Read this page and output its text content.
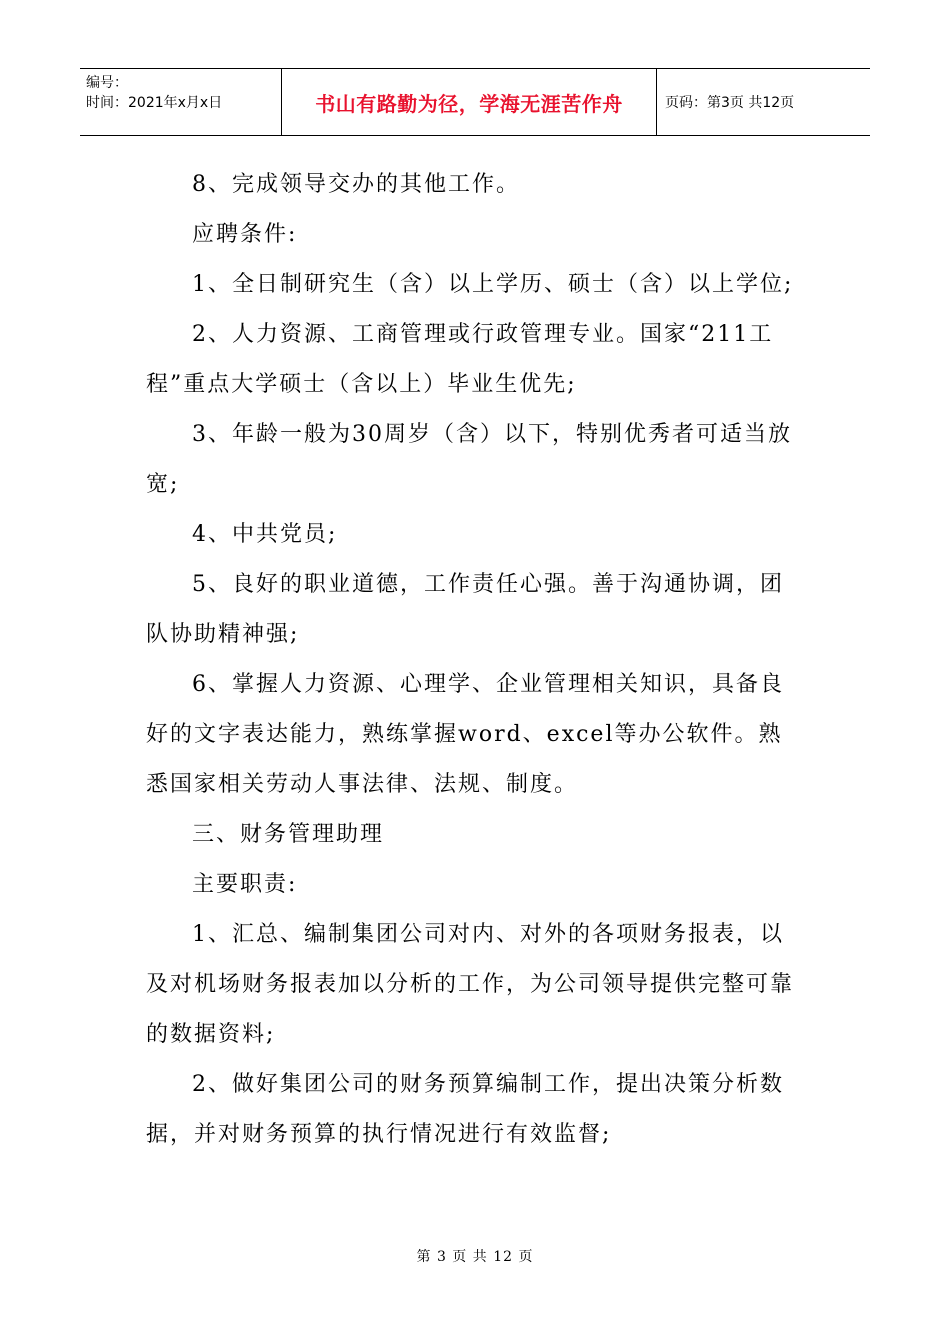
编号：
时间：2021年x月x日	书山有路勤为径，学海无涯苦作舟	页码：第3页 共12页

8、完成领导交办的其他工作。

应聘条件:

1、全日制研究生（含）以上学历、硕士（含）以上学位;

2、人力资源、工商管理或行政管理专业。国家“211工程”重点大学硕士（含以上）毕业生优先;

3、年龄一般为30周岁（含）以下，特别优秀者可适当放宽;

4、中共党员;

5、良好的职业道德，工作责任心强。善于沟通协调，团队协助精神强;

6、掌握人力资源、心理学、企业管理相关知识，具备良好的文字表达能力，熟练掌握word、excel等办公软件。熟悉国家相关劳动人事法律、法规、制度。

三、财务管理助理

主要职责:

1、汇总、编制集团公司对内、对外的各项财务报表，以及对机场财务报表加以分析的工作，为公司领导提供完整可靠的数据资料;

2、做好集团公司的财务预算编制工作，提出决策分析数据，并对财务预算的执行情况进行有效监督;

第 3 页 共 12 页
